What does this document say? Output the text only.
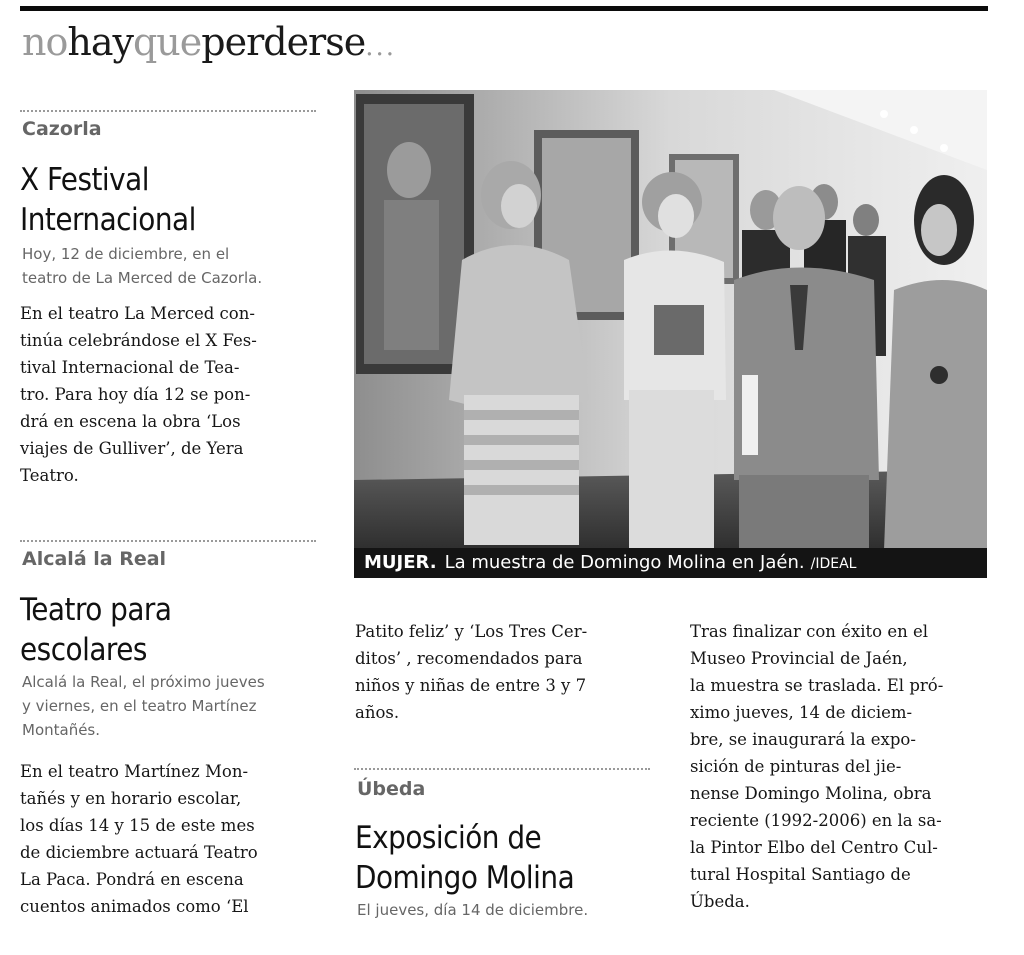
nohayqueperderse...
Cazorla
X Festival
Internacional
Hoy, 12 de diciembre, en el
teatro de La Merced de Cazorla.
En el teatro La Merced con-
tinúa celebrándose el X Fes-
tival Internacional de Tea-
tro. Para hoy día 12 se pon-
drá en escena la obra ‘Los
viajes de Gulliver’, de Yera
Teatro.
Alcalá la Real
Teatro para
escolares
Alcalá la Real, el próximo jueves
y viernes, en el teatro Martínez
Montañés.
En el teatro Martínez Mon-
tañés y en horario escolar,
los días 14 y 15 de este mes
de diciembre actuará Teatro
La Paca. Pondrá en escena
cuentos animados como ‘El
MUJER. La muestra de Domingo Molina en Jaén. /IDEAL
Patito feliz’ y ‘Los Tres Cer-
ditos’ , recomendados para
niños y niñas de entre 3 y 7
años.
Úbeda
Exposición de
Domingo Molina
El jueves, día 14 de diciembre.
Tras finalizar con éxito en el
Museo Provincial de Jaén,
la muestra se traslada. El pró-
ximo jueves, 14 de diciem-
bre, se inaugurará la expo-
sición de pinturas del jie-
nense Domingo Molina, obra
reciente (1992-2006) en la sa-
la Pintor Elbo del Centro Cul-
tural Hospital Santiago de
Úbeda.
